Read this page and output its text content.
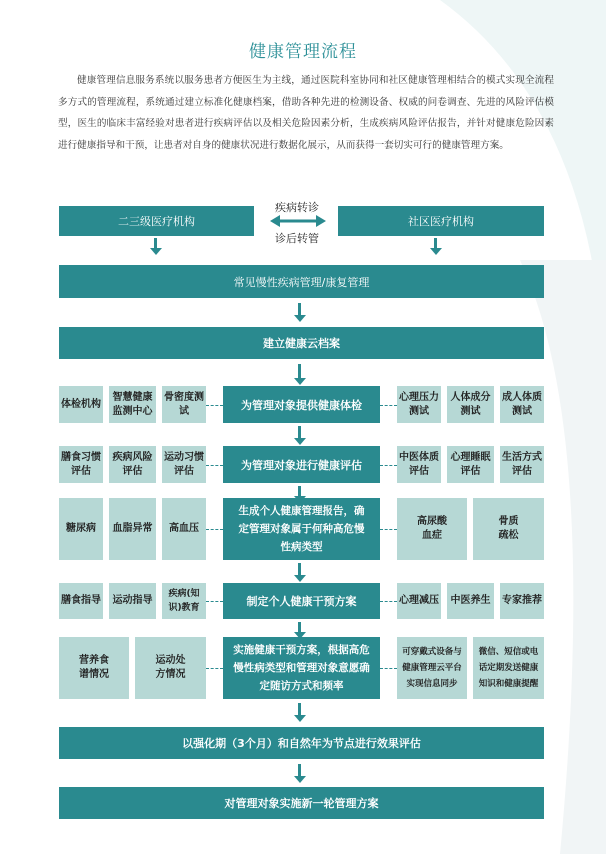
健康管理流程
健康管理信息服务系统以服务患者方便医生为主线，通过医院科室协同和社区健康管理相结合的模式实现全流程多方式的管理流程，系统通过建立标准化健康档案，借助各种先进的检测设备、权威的问卷调查、先进的风险评估模型，医生的临床丰富经验对患者进行疾病评估以及相关危险因素分析，生成疾病风险评估报告，并针对健康危险因素进行健康指导和干预，让患者对自身的健康状况进行数据化展示，从而获得一套切实可行的健康管理方案。
二三级医疗机构	社区医疗机构
疾病转诊
诊后转管
常见慢性疾病管理/康复管理
建立健康云档案
体检机构
智慧健康监测中心
骨密度测试	为管理对象提供健康体检
心理压力测试
人体成分测试
成人体质测试
膳食习惯评估
疾病风险评估
运动习惯评估	为管理对象进行健康评估
中医体质评估
心理睡眠评估
生活方式评估
糖尿病	血脂异常	高血压
生成个人健康管理报告，确定管理对象属于何种高危慢性病类型
高尿酸血症
骨质疏松
膳食指导	运动指导
疾病(知识)教育	制定个人健康干预方案	心理减压	中医养生	专家推荐
营养食谱情况
运动处方情况
实施健康干预方案，根据高危慢性病类型和管理对象意愿确定随访方式和频率
可穿戴式设备与健康管理云平台实现信息同步
微信、短信或电话定期发送健康知识和健康提醒
以强化期（3个月）和自然年为节点进行效果评估
对管理对象实施新一轮管理方案
